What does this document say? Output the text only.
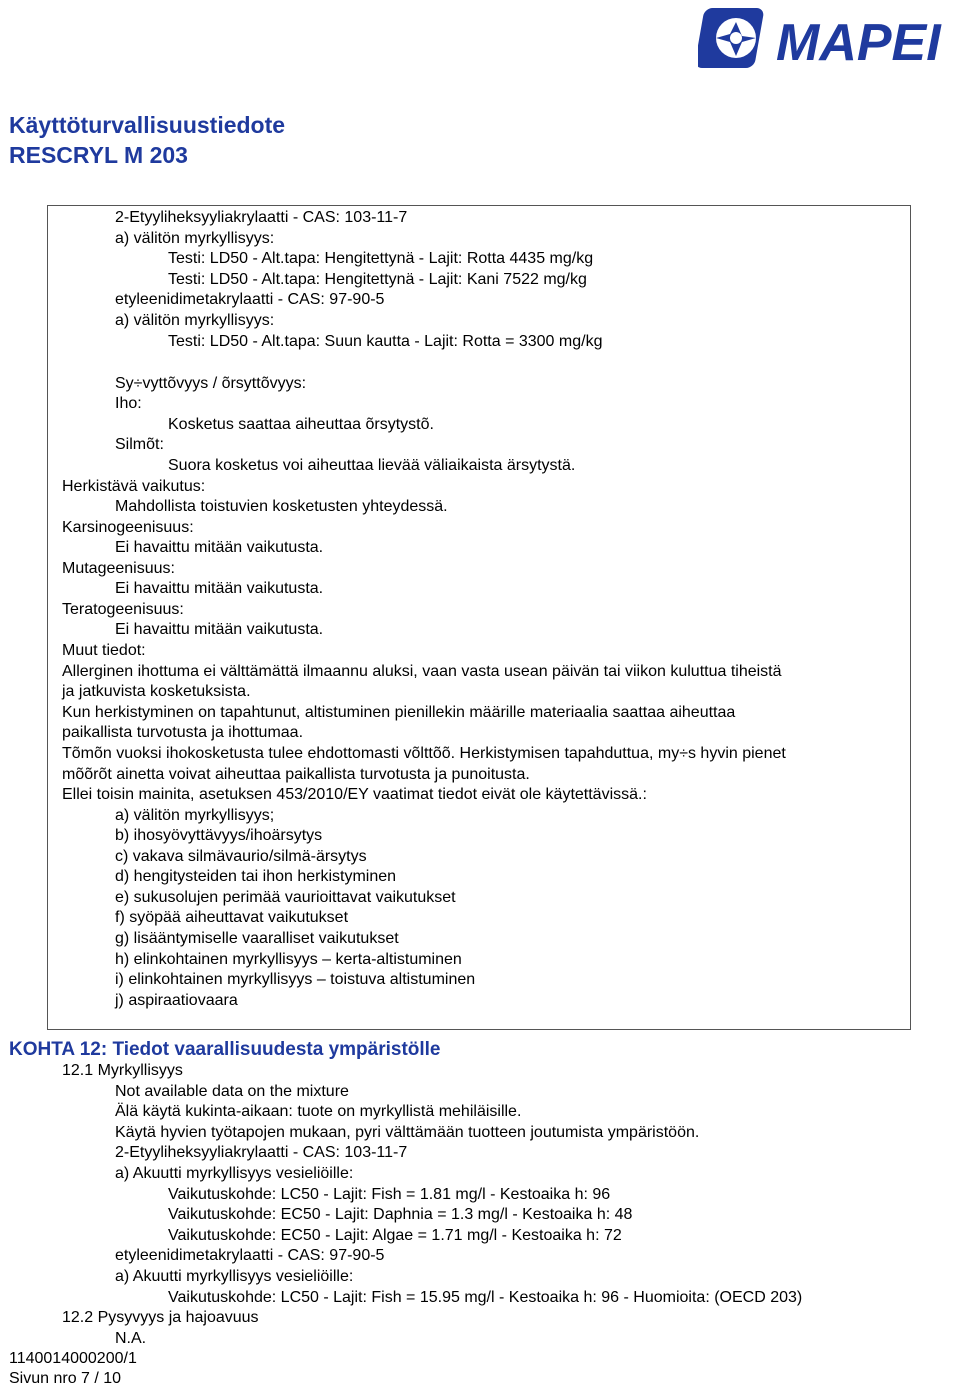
MAPEI
Käyttöturvallisuustiedote
RESCRYL M 203
2-Etyyliheksyyliakrylaatti - CAS: 103-11-7
a) välitön myrkyllisyys:
Testi: LD50 - Alt.tapa: Hengitettynä - Lajit: Rotta 4435 mg/kg
Testi: LD50 - Alt.tapa: Hengitettynä - Lajit: Kani 7522 mg/kg
etyleenidimetakrylaatti - CAS: 97-90-5
a) välitön myrkyllisyys:
Testi: LD50 - Alt.tapa: Suun kautta - Lajit: Rotta = 3300 mg/kg
Sy÷vyttõvyys / õrsyttõvyys:
Iho:
Kosketus saattaa aiheuttaa õrsytystõ.
Silmõt:
Suora kosketus voi aiheuttaa lievää väliaikaista ärsytystä.
Herkistävä vaikutus:
Mahdollista toistuvien kosketusten yhteydessä.
Karsinogeenisuus:
Ei havaittu mitään vaikutusta.
Mutageenisuus:
Ei havaittu mitään vaikutusta.
Teratogeenisuus:
Ei havaittu mitään vaikutusta.
Muut tiedot:
Allerginen ihottuma ei välttämättä ilmaannu aluksi, vaan vasta usean päivän tai viikon kuluttua tiheistä
ja jatkuvista kosketuksista.
Kun herkistyminen on tapahtunut, altistuminen pienillekin määrille materiaalia saattaa aiheuttaa
paikallista turvotusta ja ihottumaa.
Tõmõn vuoksi ihokosketusta tulee ehdottomasti võlttõõ. Herkistymisen tapahduttua, my÷s hyvin pienet
mõõrõt ainetta voivat aiheuttaa paikallista turvotusta ja punoitusta.
Ellei toisin mainita, asetuksen 453/2010/EY vaatimat tiedot eivät ole käytettävissä.:
a) välitön myrkyllisyys;
b) ihosyövyttävyys/ihoärsytys
c) vakava silmävaurio/silmä-ärsytys
d) hengitysteiden tai ihon herkistyminen
e) sukusolujen perimää vaurioittavat vaikutukset
f) syöpää aiheuttavat vaikutukset
g) lisääntymiselle vaaralliset vaikutukset
h) elinkohtainen myrkyllisyys – kerta-altistuminen
i) elinkohtainen myrkyllisyys – toistuva altistuminen
j) aspiraatiovaara
KOHTA 12: Tiedot vaarallisuudesta ympäristölle
12.1 Myrkyllisyys
Not available data on the mixture
Älä käytä kukinta-aikaan: tuote on myrkyllistä mehiläisille.
Käytä hyvien työtapojen mukaan, pyri välttämään tuotteen joutumista ympäristöön.
2-Etyyliheksyyliakrylaatti - CAS: 103-11-7
a) Akuutti myrkyllisyys vesieliöille:
Vaikutuskohde: LC50 - Lajit: Fish = 1.81 mg/l - Kestoaika h: 96
Vaikutuskohde: EC50 - Lajit: Daphnia = 1.3 mg/l - Kestoaika h: 48
Vaikutuskohde: EC50 - Lajit: Algae = 1.71 mg/l - Kestoaika h: 72
etyleenidimetakrylaatti - CAS: 97-90-5
a) Akuutti myrkyllisyys vesieliöille:
Vaikutuskohde: LC50 - Lajit: Fish = 15.95 mg/l - Kestoaika h: 96 - Huomioita: (OECD 203)
12.2 Pysyvyys ja hajoavuus
N.A.
1140014000200/1
Sivun nro 7 / 10
